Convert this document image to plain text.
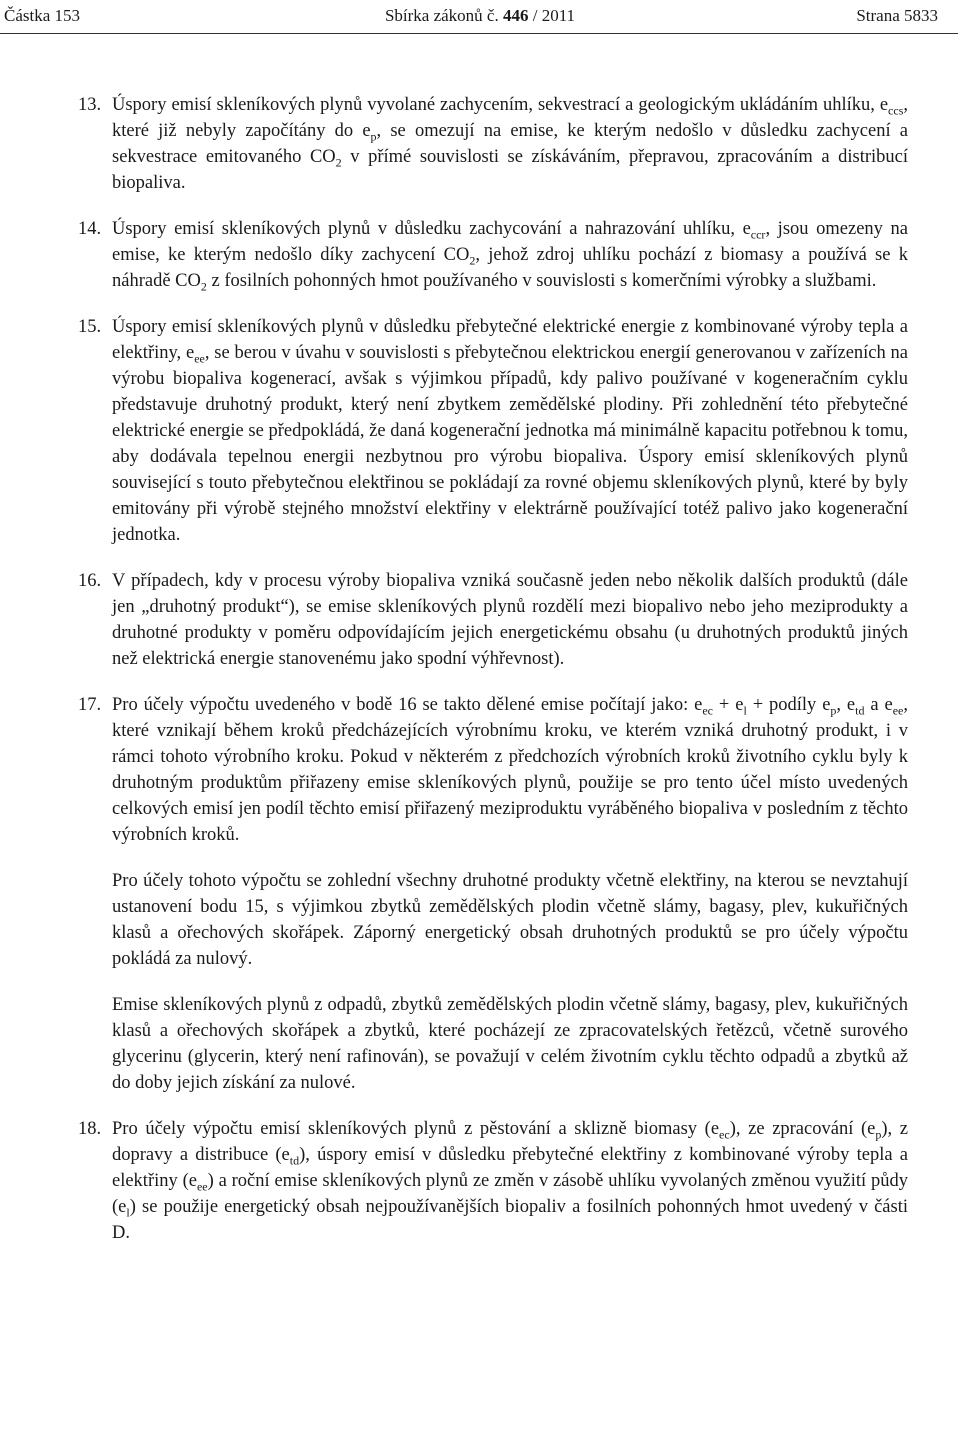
Částka 153	Sbírka zákonů č. 446 / 2011	Strana 5833
13. Úspory emisí skleníkových plynů vyvolané zachycením, sekvestrací a geologickým ukládáním uhlíku, $e_{ccs}$, které již nebyly započítány do $e_p$, se omezují na emise, ke kterým nedošlo v důsledku zachycení a sekvestrace emitovaného $CO_2$ v přímé souvislosti se získáváním, přepravou, zpracováním a distribucí biopaliva.
14. Úspory emisí skleníkových plynů v důsledku zachycování a nahrazování uhlíku, $e_{ccr}$, jsou omezeny na emise, ke kterým nedošlo díky zachycení $CO_2$, jehož zdroj uhlíku pochází z biomasy a používá se k náhradě $CO_2$ z fosilních pohonných hmot používaného v souvislosti s komerčními výrobky a službami.
15. Úspory emisí skleníkových plynů v důsledku přebytečné elektrické energie z kombinované výroby tepla a elektřiny, $e_{ee}$, se berou v úvahu v souvislosti s přebytečnou elektrickou energií generovanou v zařízeních na výrobu biopaliva kogenerací, avšak s výjimkou případů, kdy palivo používané v kogeneračním cyklu představuje druhotný produkt, který není zbytkem zemědělské plodiny. Při zohlednění této přebytečné elektrické energie se předpokládá, že daná kogenerační jednotka má minimálně kapacitu potřebnou k tomu, aby dodávala tepelnou energii nezbytnou pro výrobu biopaliva. Úspory emisí skleníkových plynů související s touto přebytečnou elektřinou se pokládají za rovné objemu skleníkových plynů, které by byly emitovány při výrobě stejného množství elektřiny v elektrárně používající totéž palivo jako kogenerační jednotka.
16. V případech, kdy v procesu výroby biopaliva vzniká současně jeden nebo několik dalších produktů (dále jen „druhotný produkt“), se emise skleníkových plynů rozdělí mezi biopalivo nebo jeho meziprodukty a druhotné produkty v poměru odpovídajícím jejich energetickému obsahu (u druhotných produktů jiných než elektrická energie stanovenému jako spodní výhřevnost).
17. Pro účely výpočtu uvedeného v bodě 16 se takto dělené emise počítají jako: $e_{ec} + e_l$ + podíly $e_p$, $e_{td}$ a $e_{ee}$, které vznikají během kroků předcházejících výrobnímu kroku, ve kterém vzniká druhotný produkt, i v rámci tohoto výrobního kroku. Pokud v některém z předchozích výrobních kroků životního cyklu byly k druhotným produktům přiřazeny emise skleníkových plynů, použije se pro tento účel místo uvedených celkových emisí jen podíl těchto emisí přiřazený meziproduktu vyráběného biopaliva v posledním z těchto výrobních kroků.
Pro účely tohoto výpočtu se zohlední všechny druhotné produkty včetně elektřiny, na kterou se nevztahují ustanovení bodu 15, s výjimkou zbytků zemědělských plodin včetně slámy, bagasy, plev, kukuřičných klasů a ořechových skořápek. Záporný energetický obsah druhotných produktů se pro účely výpočtu pokládá za nulový.
Emise skleníkových plynů z odpadů, zbytků zemědělských plodin včetně slámy, bagasy, plev, kukuřičných klasů a ořechových skořápek a zbytků, které pocházejí ze zpracovatelských řetězců, včetně surového glycerinu (glycerin, který není rafinován), se považují v celém životním cyklu těchto odpadů a zbytků až do doby jejich získání za nulové.
18. Pro účely výpočtu emisí skleníkových plynů z pěstování a sklizně biomasy $(e_{ec})$, ze zpracování $(e_p)$, z dopravy a distribuce $(e_{td})$, úspory emisí v důsledku přebytečné elektřiny z kombinované výroby tepla a elektřiny $(e_{ee})$ a roční emise skleníkových plynů ze změn v zásobě uhlíku vyvolaných změnou využití půdy $(e_l)$ se použije energetický obsah nejpoužívanějších biopaliv a fosilních pohonných hmot uvedený v části D.
